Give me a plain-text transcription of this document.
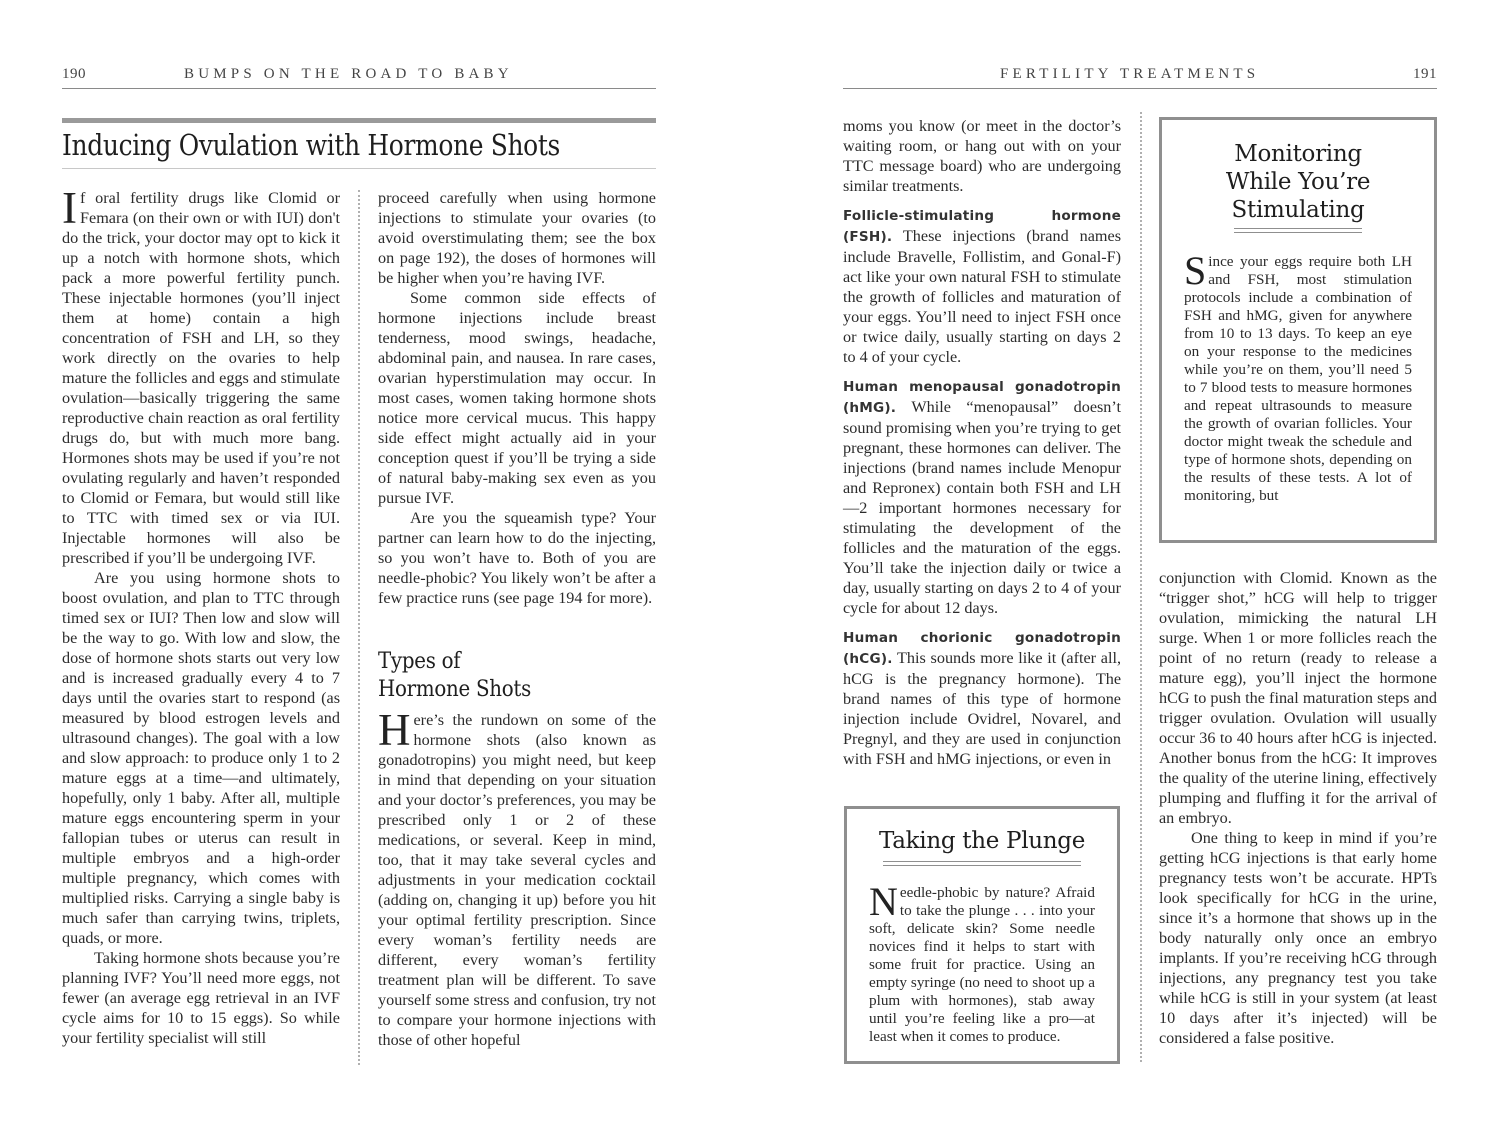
190	BUMPS ON THE ROAD TO BABY
Inducing Ovulation with Hormone Shots

If oral fertility drugs like Clomid or Femara (on their own or with IUI) don't do the trick, your doctor may opt to kick it up a notch with hormone shots, which pack a more powerful fertility punch. These injectable hormones (you’ll inject them at home) contain a high concentration of FSH and LH, so they work directly on the ovaries to help mature the follicles and eggs and stimulate ovulation—basically triggering the same reproductive chain reaction as oral fertility drugs do, but with much more bang. Hormones shots may be used if you’re not ovulating regularly and haven’t responded to Clomid or Femara, but would still like to TTC with timed sex or via IUI. Injectable hormones will also be prescribed if you’ll be undergoing IVF.

Are you using hormone shots to boost ovulation, and plan to TTC through timed sex or IUI? Then low and slow will be the way to go. With low and slow, the dose of hormone shots starts out very low and is increased gradually every 4 to 7 days until the ovaries start to respond (as measured by blood estrogen levels and ultrasound changes). The goal with a low and slow approach: to produce only 1 to 2 mature eggs at a time—and ultimately, hopefully, only 1 baby. After all, multiple mature eggs encountering sperm in your fallopian tubes or uterus can result in multiple embryos and a high-order multiple pregnancy, which comes with multiplied risks. Carrying a single baby is much safer than carrying twins, triplets, quads, or more.

Taking hormone shots because you’re planning IVF? You’ll need more eggs, not fewer (an average egg retrieval in an IVF cycle aims for 10 to 15 eggs). So while your fertility specialist will still

proceed carefully when using hormone injections to stimulate your ovaries (to avoid overstimulating them; see the box on page 192), the doses of hormones will be higher when you’re having IVF.

Some common side effects of hormone injections include breast tenderness, mood swings, headache, abdominal pain, and nausea. In rare cases, ovarian hyperstimulation may occur. In most cases, women taking hormone shots notice more cervical mucus. This happy side effect might actually aid in your conception quest if you’ll be trying a side of natural baby-making sex even as you pursue IVF.

Are you the squeamish type? Your partner can learn how to do the injecting, so you won’t have to. Both of you are needle-phobic? You likely won’t be after a few practice runs (see page 194 for more).

Types of
Hormone Shots

Here’s the rundown on some of the hormone shots (also known as gonadotropins) you might need, but keep in mind that depending on your situation and your doctor’s preferences, you may be prescribed only 1 or 2 of these medications, or several. Keep in mind, too, that it may take several cycles and adjustments in your medication cocktail (adding on, changing it up) before you hit your optimal fertility prescription. Since every woman’s fertility needs are different, every woman’s fertility treatment plan will be different. To save yourself some stress and confusion, try not to compare your hormone injections with those of other hopeful

FERTILITY TREATMENTS	191

moms you know (or meet in the doctor’s waiting room, or hang out with on your TTC message board) who are undergoing similar treatments.

Follicle-stimulating hormone (FSH). These injections (brand names include Bravelle, Follistim, and Gonal-F) act like your own natural FSH to stimulate the growth of follicles and maturation of your eggs. You’ll need to inject FSH once or twice daily, usually starting on days 2 to 4 of your cycle.

Human menopausal gonadotropin (hMG). While “menopausal” doesn’t sound promising when you’re trying to get pregnant, these hormones can deliver. The injections (brand names include Menopur and Repronex) contain both FSH and LH—2 important hormones necessary for stimulating the development of the follicles and the maturation of the eggs. You’ll take the injection daily or twice a day, usually starting on days 2 to 4 of your cycle for about 12 days.

Human chorionic gonadotropin (hCG). This sounds more like it (after all, hCG is the pregnancy hormone). The brand names of this type of hormone injection include Ovidrel, Novarel, and Pregnyl, and they are used in conjunction with FSH and hMG injections, or even in

Taking the Plunge

Needle-phobic by nature? Afraid to take the plunge . . . into your soft, delicate skin? Some needle novices find it helps to start with some fruit for practice. Using an empty syringe (no need to shoot up a plum with hormones), stab away until you’re feeling like a pro—at least when it comes to produce.

Monitoring
While You’re
Stimulating

Since your eggs require both LH and FSH, most stimulation protocols include a combination of FSH and hMG, given for anywhere from 10 to 13 days. To keep an eye on your response to the medicines while you’re on them, you’ll need 5 to 7 blood tests to measure hormones and repeat ultrasounds to measure the growth of ovarian follicles. Your doctor might tweak the schedule and type of hormone shots, depending on the results of these tests. A lot of monitoring, but

conjunction with Clomid. Known as the “trigger shot,” hCG will help to trigger ovulation, mimicking the natural LH surge. When 1 or more follicles reach the point of no return (ready to release a mature egg), you’ll inject the hormone hCG to push the final maturation steps and trigger ovulation. Ovulation will usually occur 36 to 40 hours after hCG is injected. Another bonus from the hCG: It improves the quality of the uterine lining, effectively plumping and fluffing it for the arrival of an embryo.

One thing to keep in mind if you’re getting hCG injections is that early home pregnancy tests won’t be accurate. HPTs look specifically for hCG in the urine, since it’s a hormone that shows up in the body naturally only once an embryo implants. If you’re receiving hCG through injections, any pregnancy test you take while hCG is still in your system (at least 10 days after it’s injected) will be considered a false positive.
